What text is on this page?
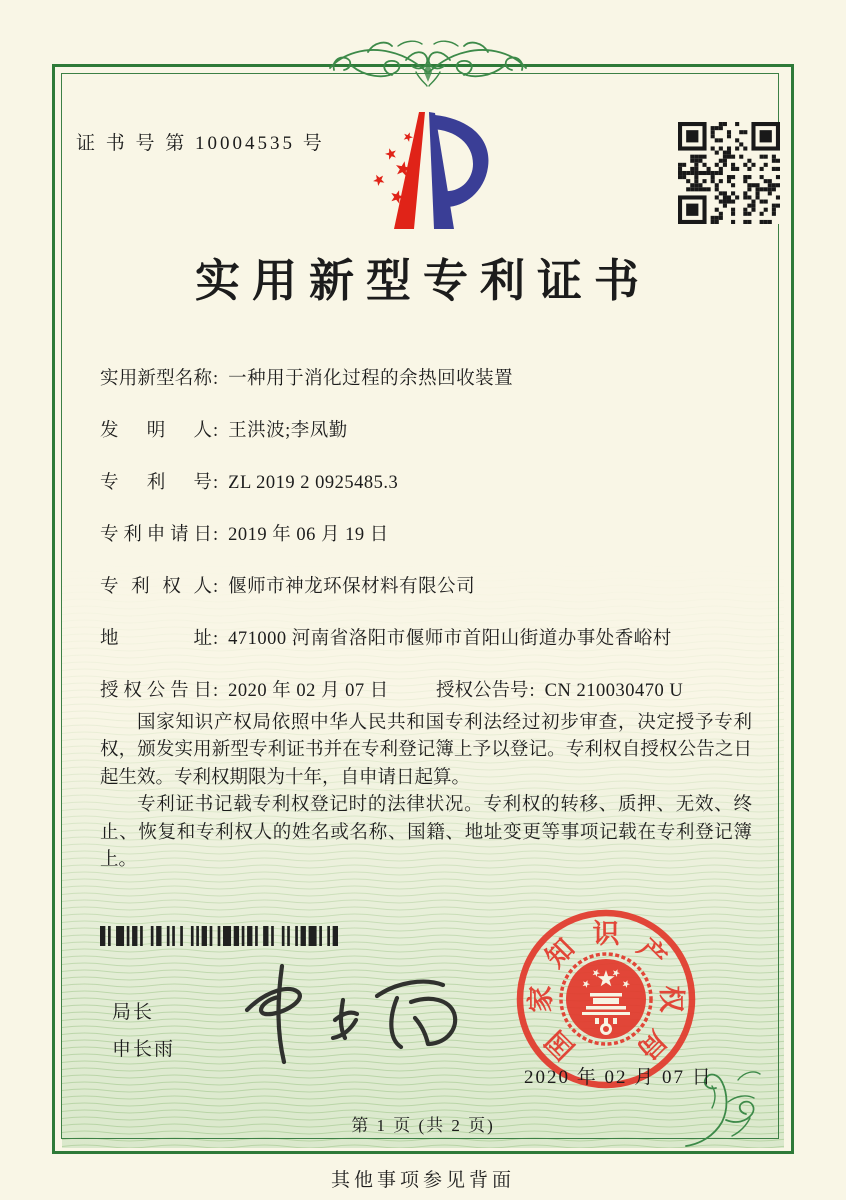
证 书 号 第 10004535 号
实用新型专利证书
实用新型名称: 一种用于消化过程的余热回收装置
发明人: 王洪波;李凤勤
专利号: ZL 2019 2 0925485.3
专利申请日: 2019 年 06 月 19 日
专利权人: 偃师市神龙环保材料有限公司
地址: 471000 河南省洛阳市偃师市首阳山街道办事处香峪村
授权公告日: 2020 年 02 月 07 日	授权公告号: CN 210030470 U

国家知识产权局依照中华人民共和国专利法经过初步审查，决定授予专利权，颁发实用新型专利证书并在专利登记簿上予以登记。专利权自授权公告之日起生效。专利权期限为十年，自申请日起算。

专利证书记载专利权登记时的法律状况。专利权的转移、质押、无效、终止、恢复和专利权人的姓名或名称、国籍、地址变更等事项记载在专利登记簿上。

局长
申长雨	国
家
知 识 产
权
局
2020 年 02 月 07 日
第 1 页 (共 2 页)
其他事项参见背面
